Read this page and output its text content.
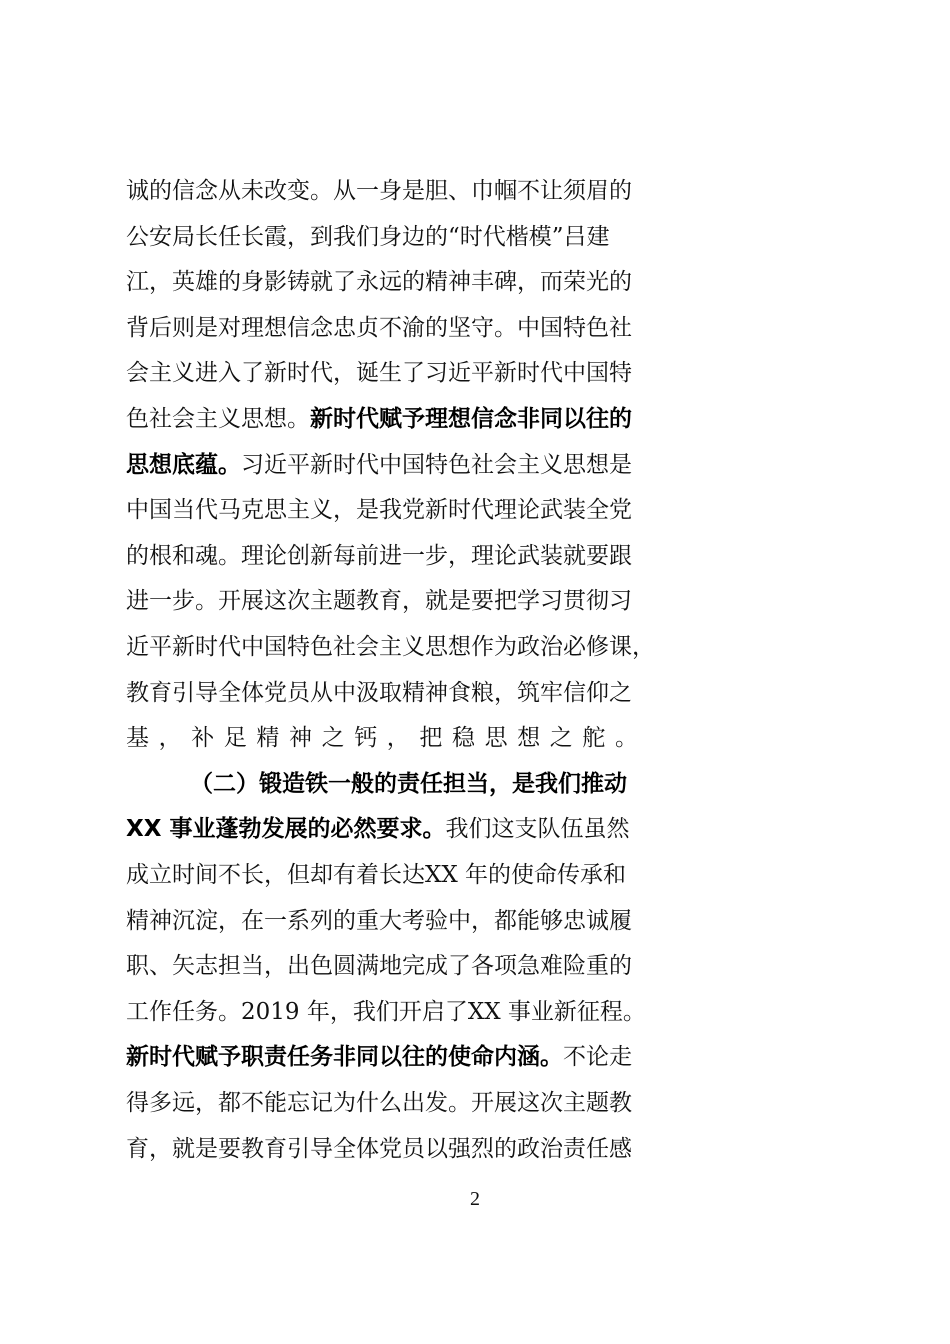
诚的信念从未改变。从一身是胆、巾帼不让须眉的
公安局长任长霞，到我们身边的“时代楷模”吕建
江，英雄的身影铸就了永远的精神丰碑，而荣光的
背后则是对理想信念忠贞不渝的坚守。中国特色社
会主义进入了新时代，诞生了习近平新时代中国特
色社会主义思想。新时代赋予理想信念非同以往的
思想底蕴。习近平新时代中国特色社会主义思想是
中国当代马克思主义，是我党新时代理论武装全党
的根和魂。理论创新每前进一步，理论武装就要跟
进一步。开展这次主题教育，就是要把学习贯彻习
近平新时代中国特色社会主义思想作为政治必修课，
教育引导全体党员从中汲取精神食粮，筑牢信仰之
基，补足精神之钙，把稳思想之舵。
（二）锻造铁一般的责任担当，是我们推动
XX 事业蓬勃发展的必然要求。我们这支队伍虽然
成立时间不长，但却有着长达XX 年的使命传承和
精神沉淀，在一系列的重大考验中，都能够忠诚履
职、矢志担当，出色圆满地完成了各项急难险重的
工作任务。2019 年，我们开启了XX 事业新征程。
新时代赋予职责任务非同以往的使命内涵。不论走
得多远，都不能忘记为什么出发。开展这次主题教
育，就是要教育引导全体党员以强烈的政治责任感
2
